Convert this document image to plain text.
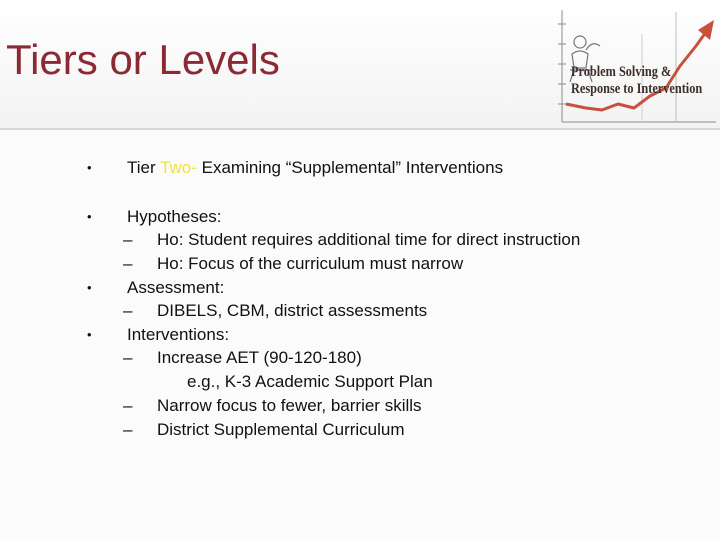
Tiers or Levels	Problem Solving &
Response to Intervention
• Tier Two- Examining “Supplemental” Interventions
• Hypotheses:
– Ho: Student requires additional time for direct instruction
– Ho: Focus of the curriculum must narrow
• Assessment:
– DIBELS, CBM, district assessments
• Interventions:
– Increase AET (90-120-180)
e.g., K-3 Academic Support Plan
– Narrow focus to fewer, barrier skills
– District Supplemental Curriculum
